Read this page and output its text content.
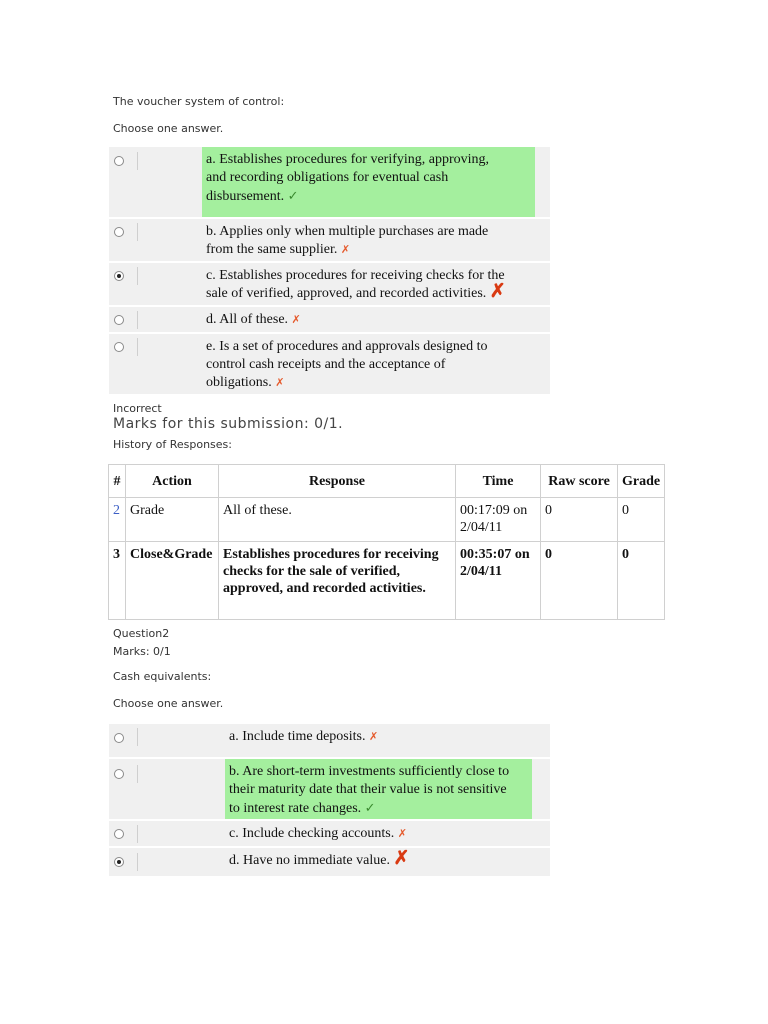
The voucher system of control:
Choose one answer.
a. Establishes procedures for verifying, approving,
and recording obligations for eventual cash
disbursement. ✓
b. Applies only when multiple purchases are made
from the same supplier. ✗
c. Establishes procedures for receiving checks for the
sale of verified, approved, and recorded activities. ✗
d. All of these. ✗
e. Is a set of procedures and approvals designed to
control cash receipts and the acceptance of
obligations. ✗
Incorrect
Marks for this submission: 0/1.
History of Responses:
#	Action	Response	Time	Raw score	Grade
2	Grade	All of these.	00:17:09 on 2/04/11	0	0
3	Close&Grade	Establishes procedures for receiving checks for the sale of verified, approved, and recorded activities.	00:35:07 on 2/04/11	0	0
Question2
Marks: 0/1
Cash equivalents:
Choose one answer.
a. Include time deposits. ✗
b. Are short-term investments sufficiently close to
their maturity date that their value is not sensitive
to interest rate changes. ✓
c. Include checking accounts. ✗
d. Have no immediate value. ✗
